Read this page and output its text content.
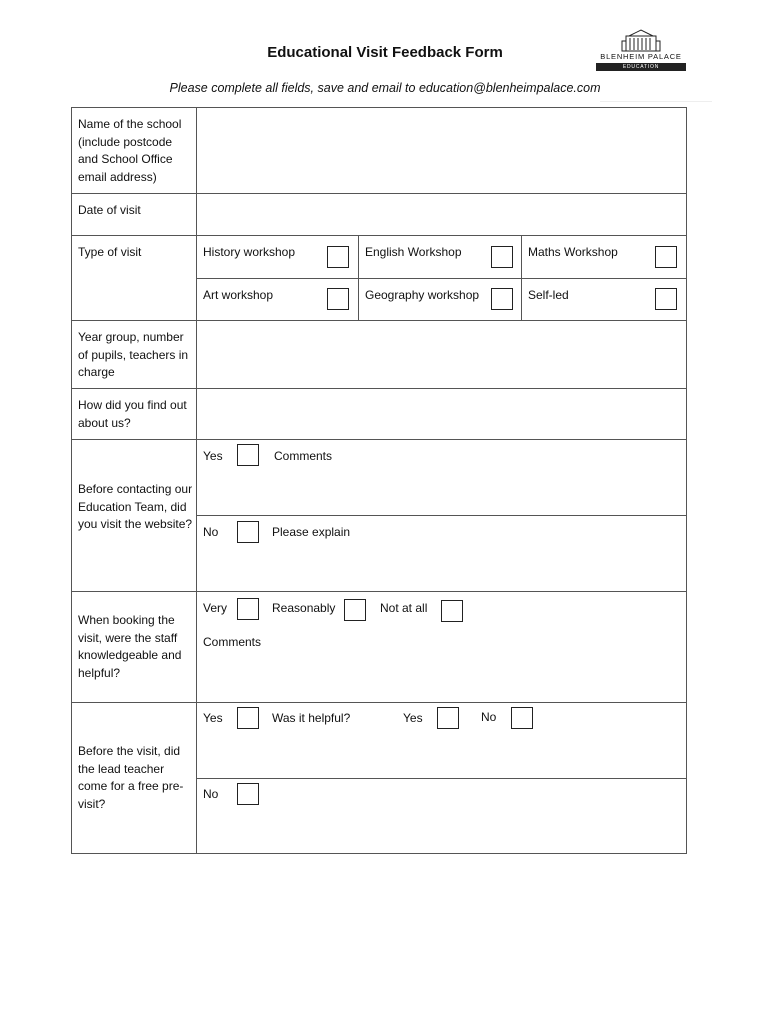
Educational Visit Feedback Form	BLENHEIM PALACE
EDUCATION
Please complete all fields, save and email to education@blenheimpalace.com
Name of the school (include postcode and School Office email address)
Date of visit
Type of visit	History workshop	English Workshop	Maths Workshop
Art workshop	Geography workshop	Self-led
Year group, number of pupils, teachers in charge
How did you find out about us?
Before contacting our Education Team, did you visit the website?
Yes	Comments
No	Please explain
When booking the visit, were the staff knowledgeable and helpful?
Very	Reasonably	Not at all
Comments
Before the visit, did the lead teacher come for a free pre-visit?
Yes	Was it helpful?	Yes	No
No
